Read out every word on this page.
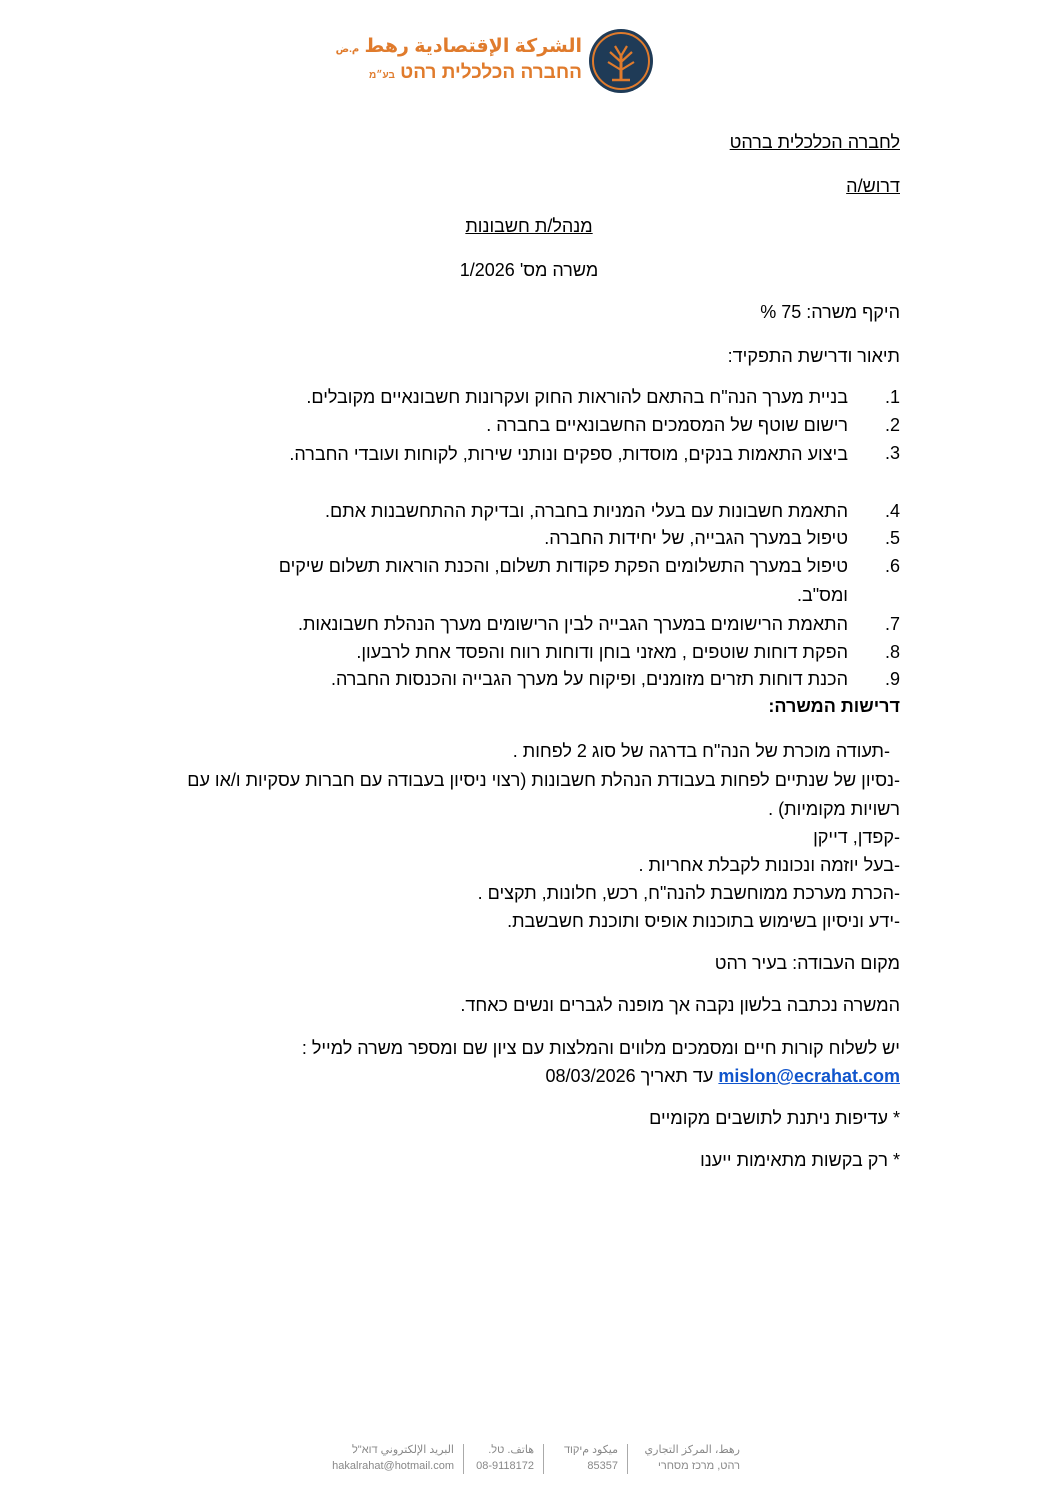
الشركة الإقتصادية رهط م.ض
החברה הכלכלית רהט בע״מ
לחברה הכלכלית ברהט
דרוש/ה
מנהל/ת חשבונות
משרה מס' 1/2026
היקף משרה: 75 %
תיאור ודרישת התפקיד:
1.
בניית מערך הנה"ח בהתאם להוראות החוק ועקרונות חשבונאיים מקובלים.
2.
רישום שוטף של המסמכים החשבונאיים בחברה .
3.
ביצוע התאמות בנקים, מוסדות, ספקים ונותני שירות, לקוחות ועובדי החברה.
4.
התאמת חשבונות עם בעלי המניות בחברה, ובדיקת ההתחשבנות אתם.
5.
טיפול במערך הגבייה, של יחידות החברה.
6.
טיפול במערך התשלומים הפקת פקודות תשלום, והכנת הוראות תשלום שיקים ומס"ב.
7.
התאמת הרישומים במערך הגבייה לבין הרישומים מערך הנהלת חשבונאות.
8.
הפקת דוחות שוטפים , מאזני בוחן ודוחות רווח והפסד אחת לרבעון.
9.
הכנת דוחות תזרים מזומנים, ופיקוח על מערך הגבייה והכנסות החברה.
דרישות המשרה:
-תעודה מוכרת של הנה"ח בדרגה של סוג 2 לפחות .
-נסיון של שנתיים לפחות בעבודת הנהלת חשבונות (רצוי ניסיון בעבודה עם חברות עסקיות ו/או עם רשויות מקומיות) .
-קפדן, דייקן
-בעל יוזמה ונכונות לקבלת אחריות .
-הכרת מערכת ממוחשבת להנה"ח, רכש, חלונות, תקצים .
-ידע וניסיון בשימוש בתוכנות אופיס ותוכנת חשבשבת.
מקום העבודה: בעיר רהט
המשרה נכתבה בלשון נקבה אך מופנה לגברים ונשים כאחד.
יש לשלוח קורות חיים ומסמכים מלווים והמלצות עם ציון שם ומספר משרה למייל :
mislon@ecrahat.com עד תאריך 08/03/2026
* עדיפות ניתנת לתושבים מקומיים
* רק בקשות מתאימות ייענו
رهط، المركز التجاري
רהט, מרכז מסחרי
ميكود مיקוד
85357
هاتف. טל.
08-9118172
البريد الإلكتروني דוא"ל
hakalrahat@hotmail.com
